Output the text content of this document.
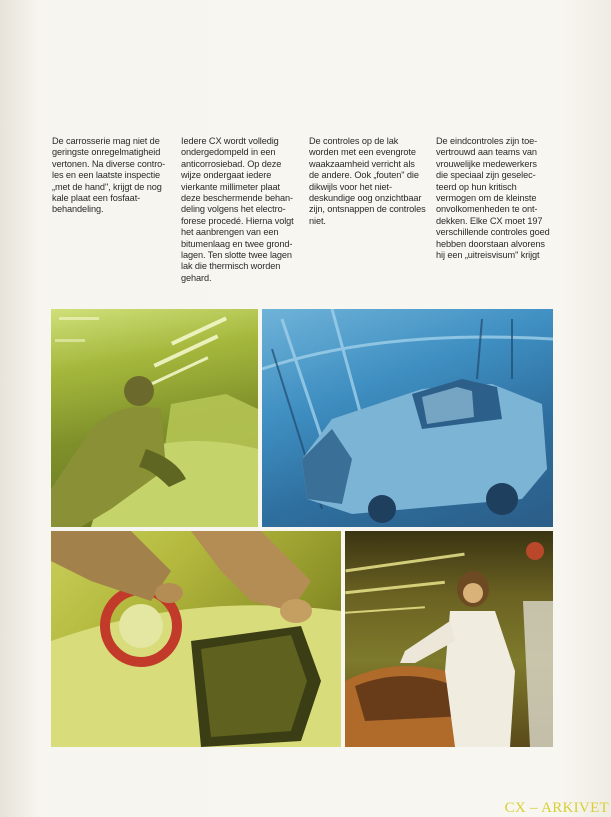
De carrosserie mag niet de
geringste onregelmatigheid
vertonen. Na diverse contro-
les en een laatste inspectie
„met de hand", krijgt de nog
kale plaat een fosfaat-
behandeling.
Iedere CX wordt volledig
ondergedompeld in een
anticorrosiebad. Op deze
wijze ondergaat iedere
vierkante millimeter plaat
deze beschermende behan-
deling volgens het electro-
forese procedé. Hierna volgt
het aanbrengen van een
bitumenlaag en twee grond-
lagen. Ten slotte twee lagen
lak die thermisch worden
gehard.
De controles op de lak
worden met een evengrote
waakzaamheid verricht als
de andere. Ook „fouten" die
dikwijls voor het niet-
deskundige oog onzichtbaar
zijn, ontsnappen de controles
niet.
De eindcontroles zijn toe-
vertrouwd aan teams van
vrouwelijke medewerkers
die speciaal zijn geselec-
teerd op hun kritisch
vermogen om de kleinste
onvolkomenheden te ont-
dekken. Elke CX moet 197
verschillende controles goed
hebben doorstaan alvorens
hij een „uitreisvisum" krijgt
CX – ARKIVET
